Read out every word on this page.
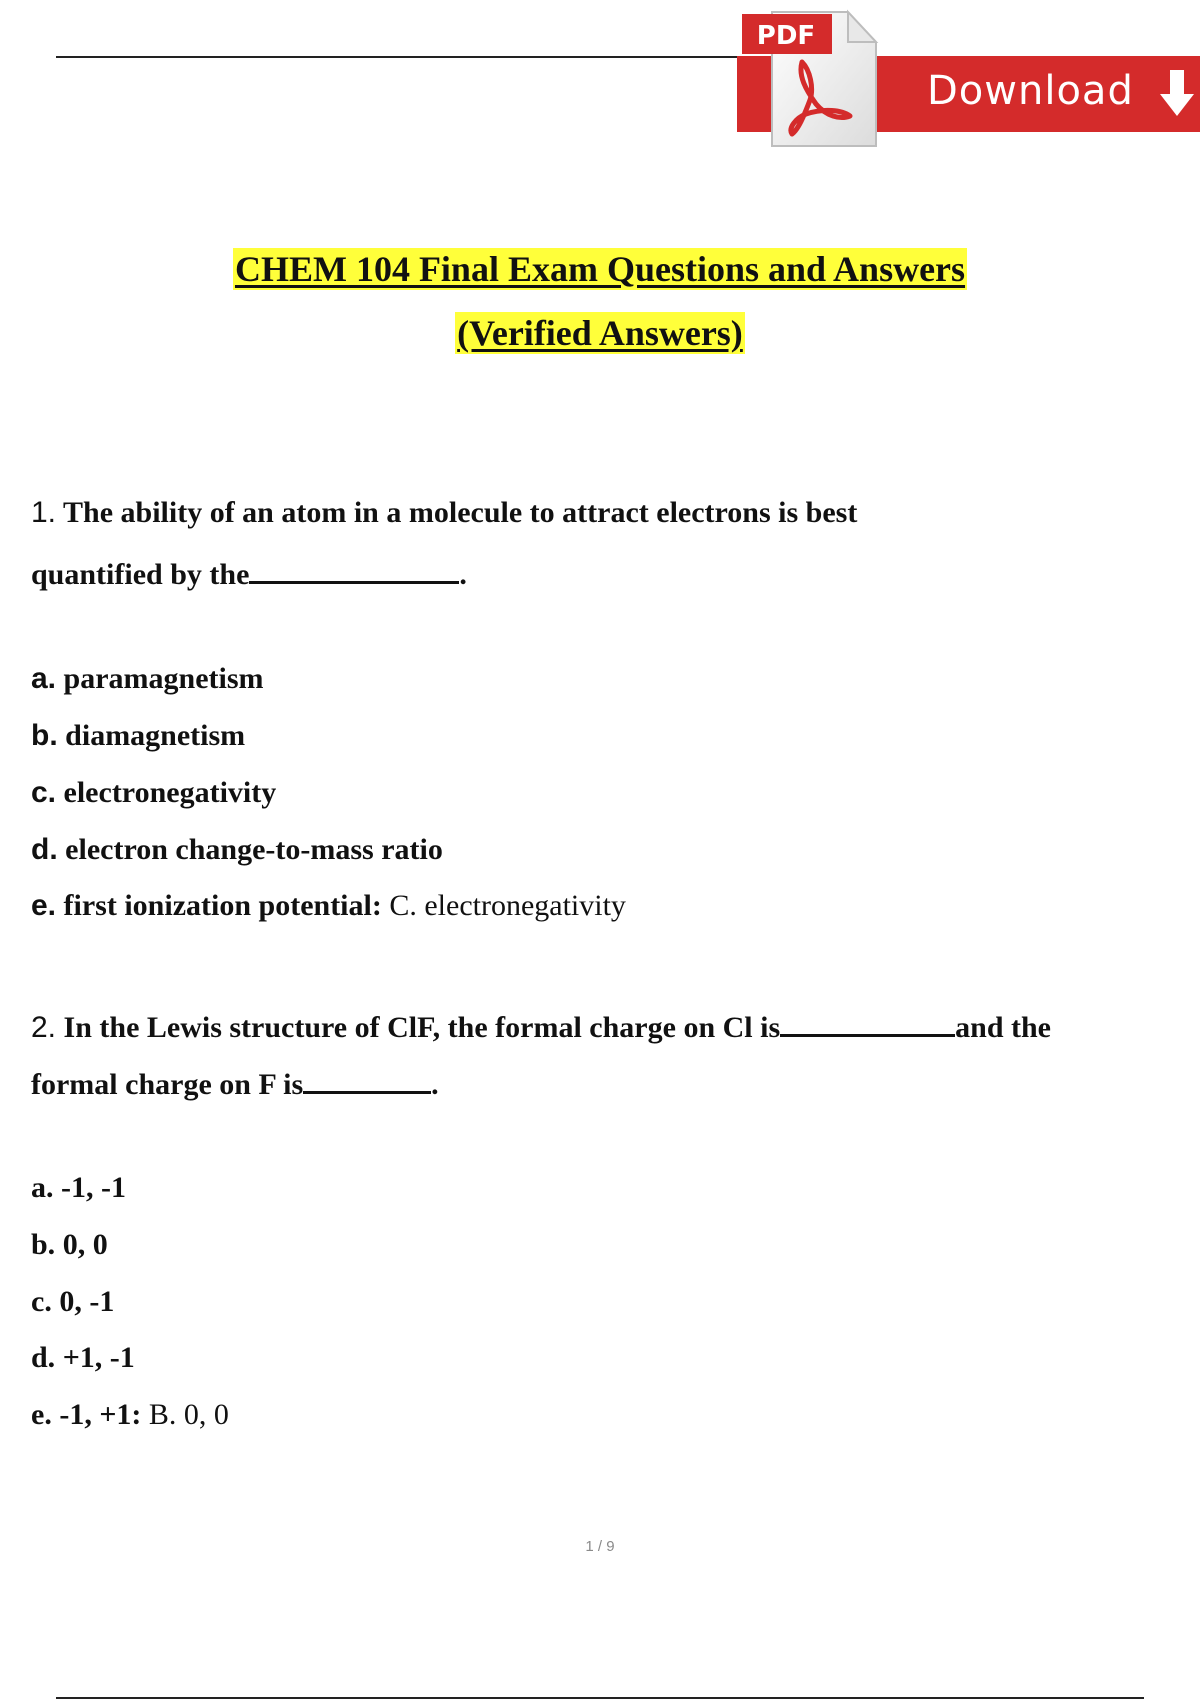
Download
PDF
CHEM 104 Final Exam Questions and Answers
(Verified Answers)
1. The ability of an atom in a molecule to attract electrons is best
quantified by the	.
a. paramagnetism
b. diamagnetism
c. electronegativity
d. electron change-to-mass ratio
e. first ionization potential: C. electronegativity
2. In the Lewis structure of ClF, the formal charge on Cl is	and the
formal charge on F is	.
a. -1, -1
b. 0, 0
c. 0, -1
d. +1, -1
e. -1, +1: B. 0, 0
1 / 9
